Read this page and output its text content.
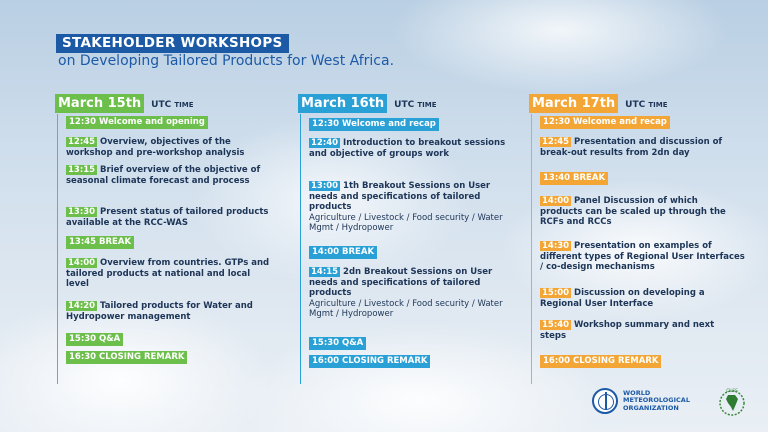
STAKEHOLDER WORKSHOPS
on Developing Tailored Products for West Africa.
March 15th	UTC TIME
12:30 Welcome and opening
12:45 Overview, objectives of the workshop and pre-workshop analysis
13:15 Brief overview of the objective of seasonal climate forecast and process
13:30 Present status of tailored products available at the RCC-WAS
13:45 BREAK
14:00 Overview from countries. GTPs and tailored products at national and local level
14:20 Tailored products for Water and Hydropower management
15:30 Q&A
16:30 CLOSING REMARK
March 16th	UTC TIME
12:30 Welcome and recap
12:40 Introduction to breakout sessions and objective of groups work
13:00 1th Breakout Sessions on User needs and specifications of tailored products
Agriculture / Livestock / Food security / Water Mgmt / Hydropower
14:00 BREAK
14:15 2dn Breakout Sessions on User needs and specifications of tailored products
Agriculture / Livestock / Food security / Water Mgmt / Hydropower
15:30 Q&A
16:00 CLOSING REMARK
March 17th	UTC TIME
12:30 Welcome and recap
12:45 Presentation and discussion of break-out results from 2dn day
13:40 BREAK
14:00 Panel Discussion of which products can be scaled up through the RCFs and RCCs
14:30 Presentation on examples of different types of Regional User Interfaces / co-design mechanisms
15:00 Discussion on developing a Regional User Interface
15:40 Workshop summary and next steps
16:00 CLOSING REMARK
WORLD
METEOROLOGICAL
ORGANIZATION
CILSS
